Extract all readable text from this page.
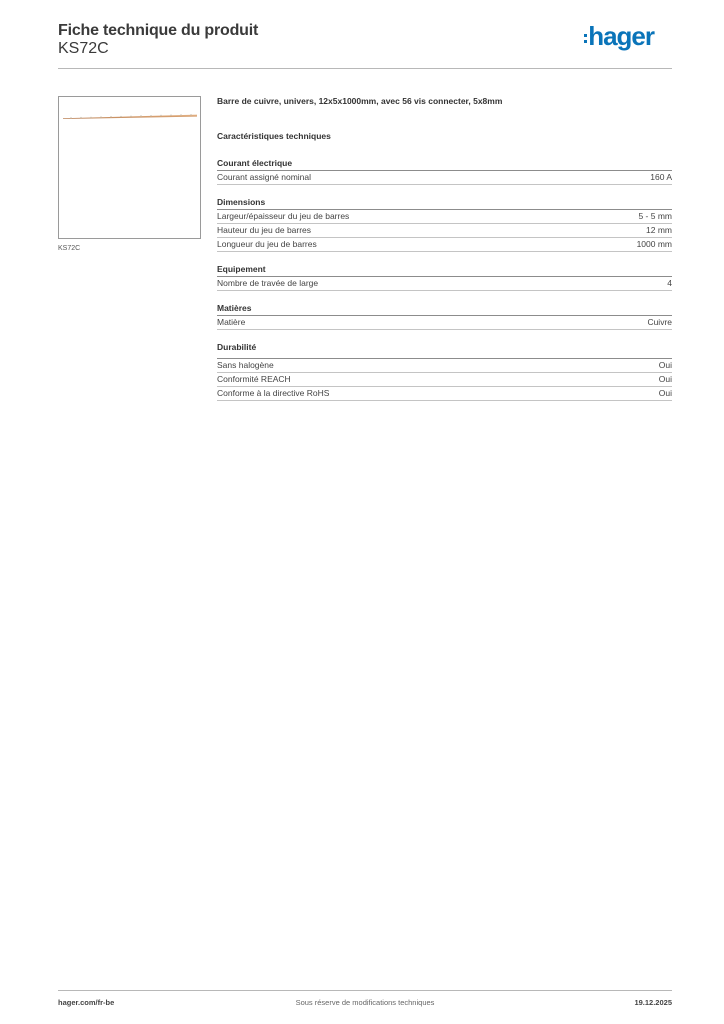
Fiche technique du produit
KS72C	hager
KS72C
Barre de cuivre, univers, 12x5x1000mm, avec 56 vis connecter, 5x8mm
Caractéristiques techniques
Courant électrique
Courant assigné nominal	160 A
Dimensions
Largeur/épaisseur du jeu de barres	5 - 5 mm
Hauteur du jeu de barres	12 mm
Longueur du jeu de barres	1000 mm
Equipement
Nombre de travée de large	4
Matières
Matière	Cuivre
Durabilité
Sans halogène	Oui
Conformité REACH	Oui
Conforme à la directive RoHS	Oui
Sous réserve de modifications techniques
hager.com/fr-be	19.12.2025
